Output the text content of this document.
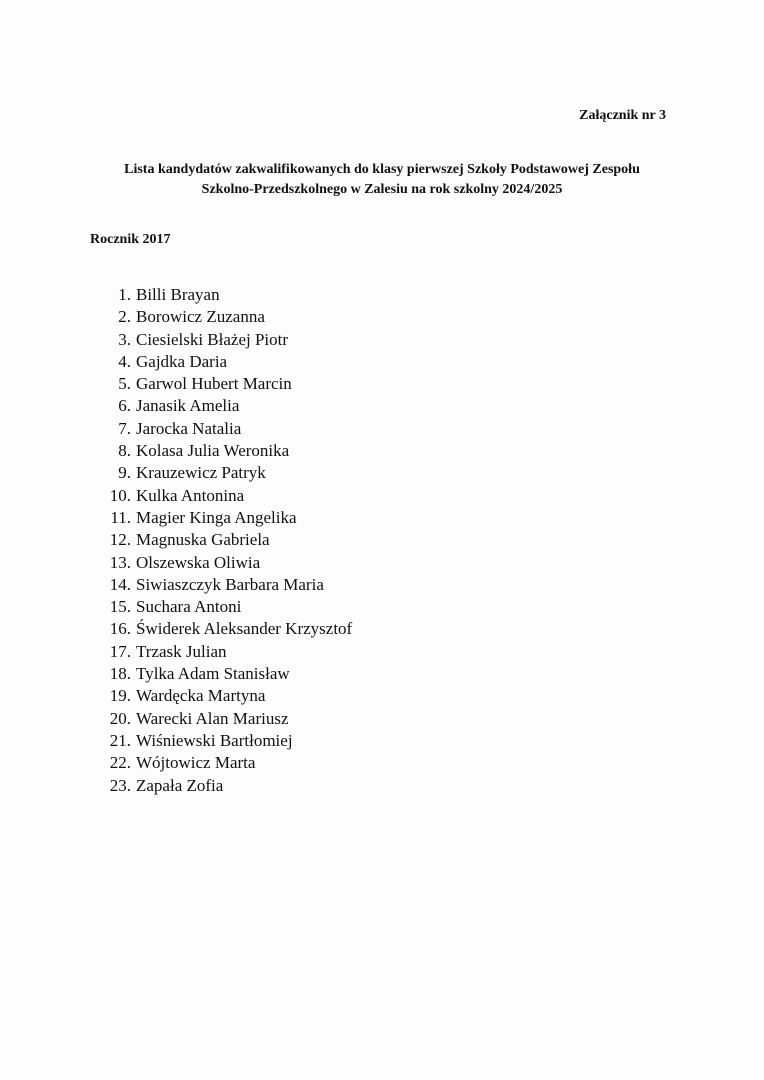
Załącznik nr 3

Lista kandydatów zakwalifikowanych do klasy pierwszej Szkoły Podstawowej Zespołu
Szkolno-Przedszkolnego w Zalesiu na rok szkolny 2024/2025
Rocznik 2017
1. Billi Brayan
2. Borowicz Zuzanna
3. Ciesielski Błażej Piotr
4. Gajdka Daria
5. Garwol Hubert Marcin
6. Janasik Amelia
7. Jarocka Natalia
8. Kolasa Julia Weronika
9. Krauzewicz Patryk
10. Kulka Antonina
11. Magier Kinga Angelika
12. Magnuska Gabriela
13. Olszewska Oliwia
14. Siwiaszczyk Barbara Maria
15. Suchara Antoni
16. Świderek Aleksander Krzysztof
17. Trzask Julian
18. Tylka Adam Stanisław
19. Wardęcka Martyna
20. Warecki Alan Mariusz
21. Wiśniewski Bartłomiej
22. Wójtowicz Marta
23. Zapała Zofia
